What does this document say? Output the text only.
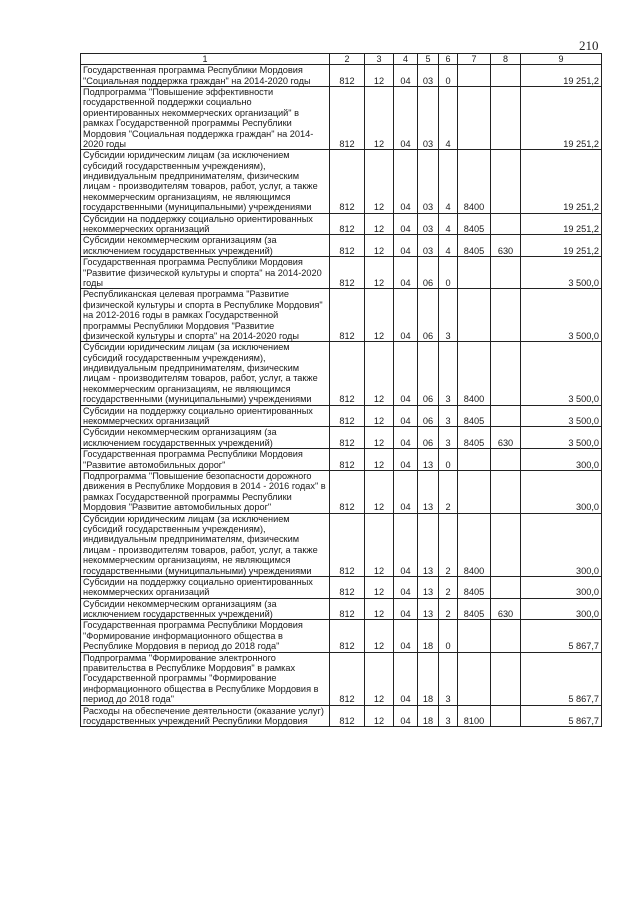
210
1	2	3	4	5	6	7	8	9
Государственная программа Республики Мордовия "Социальная поддержка граждан" на 2014-2020 годы	812	12	04	03	0			19 251,2
Подпрограмма "Повышение эффективности государственной поддержки социально ориентированных некоммерческих организаций" в рамках Государственной программы Республики Мордовия "Социальная поддержка граждан" на 2014-2020 годы	812	12	04	03	4			19 251,2
Субсидии юридическим лицам (за исключением субсидий государственным учреждениям), индивидуальным предпринимателям, физическим лицам - производителям товаров, работ, услуг, а также некоммерческим организациям, не являющимся государственными (муниципальными) учреждениями	812	12	04	03	4	8400		19 251,2
Субсидии на поддержку социально ориентированных некоммерческих организаций	812	12	04	03	4	8405		19 251,2
Субсидии некоммерческим организациям (за исключением государственных учреждений)	812	12	04	03	4	8405	630	19 251,2
Государственная программа Республики Мордовия "Развитие физической культуры и спорта" на 2014-2020 годы	812	12	04	06	0			3 500,0
Республиканская целевая программа "Развитие физической культуры и спорта в Республике Мордовия" на 2012-2016 годы в рамках Государственной программы Республики Мордовия "Развитие физической культуры и спорта" на 2014-2020 годы	812	12	04	06	3			3 500,0
Субсидии юридическим лицам (за исключением субсидий государственным учреждениям), индивидуальным предпринимателям, физическим лицам - производителям товаров, работ, услуг, а также некоммерческим организациям, не являющимся государственными (муниципальными) учреждениями	812	12	04	06	3	8400		3 500,0
Субсидии на поддержку социально ориентированных некоммерческих организаций	812	12	04	06	3	8405		3 500,0
Субсидии некоммерческим организациям (за исключением государственных учреждений)	812	12	04	06	3	8405	630	3 500,0
Государственная программа Республики Мордовия "Развитие автомобильных дорог"	812	12	04	13	0			300,0
Подпрограмма "Повышение безопасности дорожного движения в Республике Мордовия в 2014 - 2016 годах" в рамках Государственной программы Республики Мордовия "Развитие автомобильных дорог"	812	12	04	13	2			300,0
Субсидии юридическим лицам (за исключением субсидий государственным учреждениям), индивидуальным предпринимателям, физическим лицам - производителям товаров, работ, услуг, а также некоммерческим организациям, не являющимся государственными (муниципальными) учреждениями	812	12	04	13	2	8400		300,0
Субсидии на поддержку социально ориентированных некоммерческих организаций	812	12	04	13	2	8405		300,0
Субсидии некоммерческим организациям (за исключением государственных учреждений)	812	12	04	13	2	8405	630	300,0
Государственная программа Республики Мордовия "Формирование информационного общества в Республике Мордовия в период до 2018 года"	812	12	04	18	0			5 867,7
Подпрограмма "Формирование электронного правительства в Республике Мордовия" в рамках Государственной программы "Формирование информационного общества в Республике Мордовия в период до 2018 года"	812	12	04	18	3			5 867,7
Расходы на обеспечение деятельности (оказание услуг) государственных учреждений Республики Мордовия	812	12	04	18	3	8100		5 867,7
